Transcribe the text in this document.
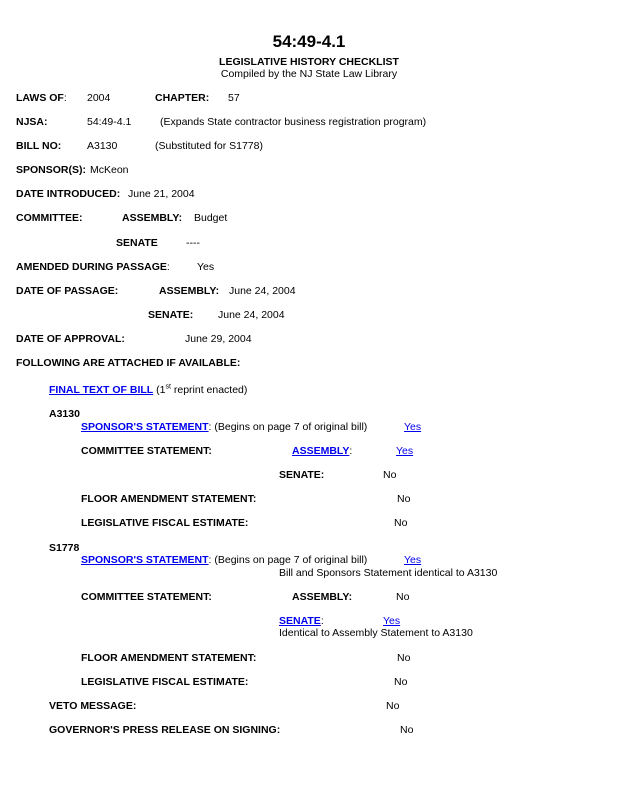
54:49-4.1
LEGISLATIVE HISTORY CHECKLIST
Compiled by the NJ State Law Library
LAWS OF: 2004	CHAPTER: 57
NJSA:	54:49-4.1	(Expands State contractor business registration program)
BILL NO: A3130	(Substituted for S1778)
SPONSOR(S): McKeon
DATE INTRODUCED: June 21, 2004
COMMITTEE:	ASSEMBLY: Budget
SENATE	----
AMENDED DURING PASSAGE:	Yes
DATE OF PASSAGE:	ASSEMBLY: June 24, 2004
SENATE: June 24, 2004
DATE OF APPROVAL:	June 29, 2004
FOLLOWING ARE ATTACHED IF AVAILABLE:
FINAL TEXT OF BILL (1st reprint enacted)
A3130
SPONSOR'S STATEMENT: (Begins on page 7 of original bill)	Yes
COMMITTEE STATEMENT:	ASSEMBLY:	Yes
SENATE:	No
FLOOR AMENDMENT STATEMENT:	No
LEGISLATIVE FISCAL ESTIMATE:	No
S1778
SPONSOR'S STATEMENT: (Begins on page 7 of original bill)	Yes
Bill and Sponsors Statement identical to A3130
COMMITTEE STATEMENT:	ASSEMBLY:	No
SENATE:	Yes
Identical to Assembly Statement to A3130
FLOOR AMENDMENT STATEMENT:	No
LEGISLATIVE FISCAL ESTIMATE:	No
VETO MESSAGE:	No
GOVERNOR'S PRESS RELEASE ON SIGNING:	No
